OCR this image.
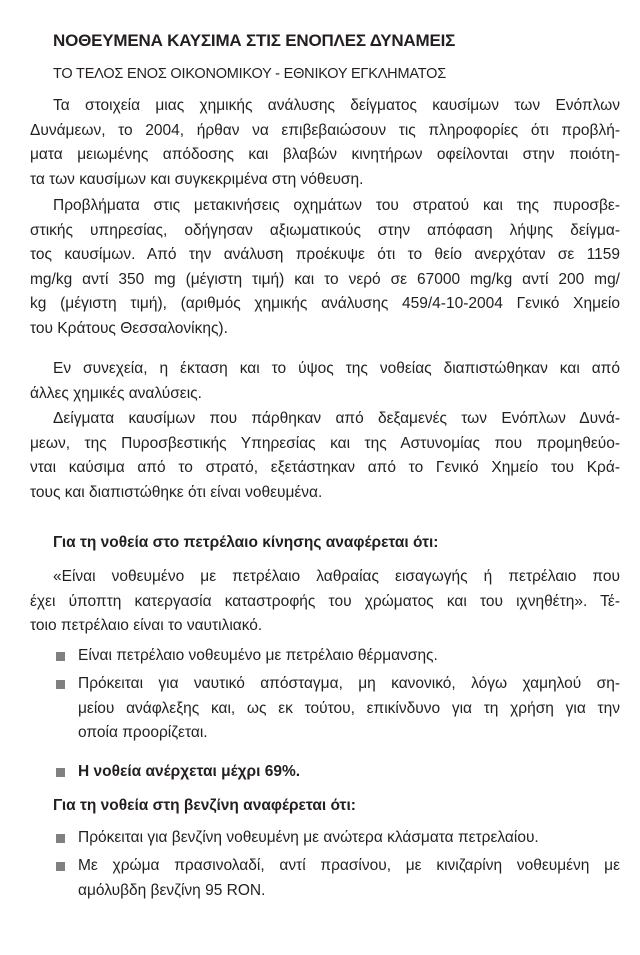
ΝΟΘΕΥΜΕΝΑ ΚΑΥΣΙΜΑ ΣΤΙΣ ΕΝΟΠΛΕΣ ΔΥΝΑΜΕΙΣ
ΤΟ ΤΕΛΟΣ ΕΝΟΣ ΟΙΚΟΝΟΜΙΚΟΥ - ΕΘΝΙΚΟΥ ΕΓΚΛΗΜΑΤΟΣ
Τα στοιχεία μιας χημικής ανάλυσης δείγματος καυσίμων των Ενόπλων
Δυνάμεων, το 2004, ήρθαν να επιβεβαιώσουν τις πληροφορίες ότι προβλή-
ματα μειωμένης απόδοσης και βλαβών κινητήρων οφείλονται στην ποιότη-
τα των καυσίμων και συγκεκριμένα στη νόθευση.
Προβλήματα στις μετακινήσεις οχημάτων του στρατού και της πυροσβε-
στικής υπηρεσίας, οδήγησαν αξιωματικούς στην απόφαση λήψης δείγμα-
τος καυσίμων. Από την ανάλυση προέκυψε ότι το θείο ανερχόταν σε 1159
mg/kg αντί 350 mg (μέγιστη τιμή) και το νερό σε 67000 mg/kg αντί 200 mg/
kg (μέγιστη τιμή), (αριθμός χημικής ανάλυσης 459/4-10-2004 Γενικό Χημείο
του Κράτους Θεσσαλονίκης).
Εν συνεχεία, η έκταση και το ύψος της νοθείας διαπιστώθηκαν και από
άλλες χημικές αναλύσεις.
Δείγματα καυσίμων που πάρθηκαν από δεξαμενές των Ενόπλων Δυνά-
μεων, της Πυροσβεστικής Υπηρεσίας και της Αστυνομίας που προμηθεύο-
νται καύσιμα από το στρατό, εξετάστηκαν από το Γενικό Χημείο του Κρά-
τους και διαπιστώθηκε ότι είναι νοθευμένα.
Για τη νοθεία στο πετρέλαιο κίνησης αναφέρεται ότι:
«Είναι νοθευμένο με πετρέλαιο λαθραίας εισαγωγής ή πετρέλαιο που
έχει ύποπτη κατεργασία καταστροφής του χρώματος και του ιχνηθέτη». Τέ-
τοιο πετρέλαιο είναι το ναυτιλιακό.
Είναι πετρέλαιο νοθευμένο με πετρέλαιο θέρμανσης.
Πρόκειται για ναυτικό απόσταγμα, μη κανονικό, λόγω χαμηλού ση-
μείου ανάφλεξης και, ως εκ τούτου, επικίνδυνο για τη χρήση για την
οποία προορίζεται.
Η νοθεία ανέρχεται μέχρι 69%.
Για τη νοθεία στη βενζίνη αναφέρεται ότι:
Πρόκειται για βενζίνη νοθευμένη με ανώτερα κλάσματα πετρελαίου.
Με χρώμα πρασινολαδί, αντί πρασίνου, με κινιζαρίνη νοθευμένη με
αμόλυβδη βενζίνη 95 RON.
